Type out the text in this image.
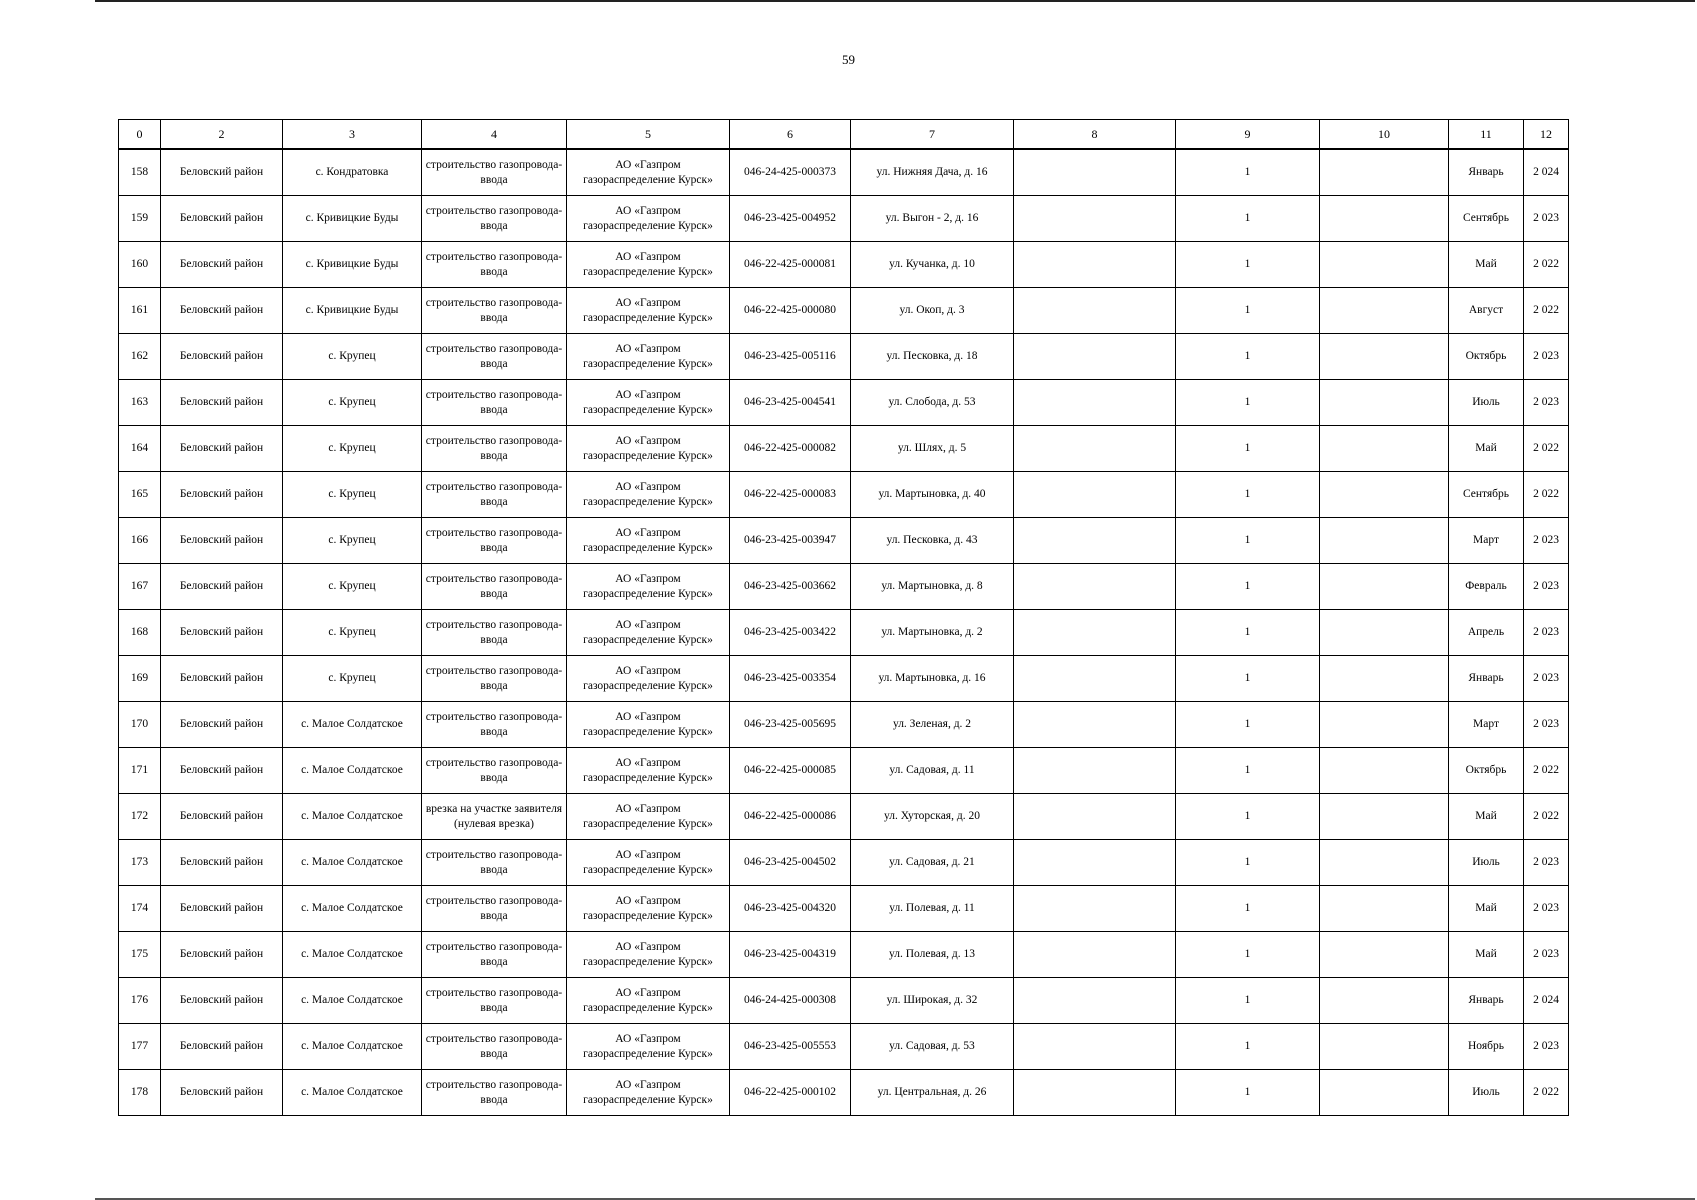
59
0	2	3	4	5	6	7	8	9	10	11	12
158	Беловский район	с. Кондратовка	строительство газопровода-ввода	АО «Газпром газораспределение Курск»	046-24-425-000373	ул. Нижняя Дача, д. 16		1		Январь	2 024
159	Беловский район	с. Кривицкие Буды	строительство газопровода-ввода	АО «Газпром газораспределение Курск»	046-23-425-004952	ул. Выгон - 2, д. 16		1		Сентябрь	2 023
160	Беловский район	с. Кривицкие Буды	строительство газопровода-ввода	АО «Газпром газораспределение Курск»	046-22-425-000081	ул. Кучанка, д. 10		1		Май	2 022
161	Беловский район	с. Кривицкие Буды	строительство газопровода-ввода	АО «Газпром газораспределение Курск»	046-22-425-000080	ул. Окоп, д. 3		1		Август	2 022
162	Беловский район	с. Крупец	строительство газопровода-ввода	АО «Газпром газораспределение Курск»	046-23-425-005116	ул. Песковка, д. 18		1		Октябрь	2 023
163	Беловский район	с. Крупец	строительство газопровода-ввода	АО «Газпром газораспределение Курск»	046-23-425-004541	ул. Слобода, д. 53		1		Июль	2 023
164	Беловский район	с. Крупец	строительство газопровода-ввода	АО «Газпром газораспределение Курск»	046-22-425-000082	ул. Шлях, д. 5		1		Май	2 022
165	Беловский район	с. Крупец	строительство газопровода-ввода	АО «Газпром газораспределение Курск»	046-22-425-000083	ул. Мартыновка, д. 40		1		Сентябрь	2 022
166	Беловский район	с. Крупец	строительство газопровода-ввода	АО «Газпром газораспределение Курск»	046-23-425-003947	ул. Песковка, д. 43		1		Март	2 023
167	Беловский район	с. Крупец	строительство газопровода-ввода	АО «Газпром газораспределение Курск»	046-23-425-003662	ул. Мартыновка, д. 8		1		Февраль	2 023
168	Беловский район	с. Крупец	строительство газопровода-ввода	АО «Газпром газораспределение Курск»	046-23-425-003422	ул. Мартыновка, д. 2		1		Апрель	2 023
169	Беловский район	с. Крупец	строительство газопровода-ввода	АО «Газпром газораспределение Курск»	046-23-425-003354	ул. Мартыновка, д. 16		1		Январь	2 023
170	Беловский район	с. Малое Солдатское	строительство газопровода-ввода	АО «Газпром газораспределение Курск»	046-23-425-005695	ул. Зеленая, д. 2		1		Март	2 023
171	Беловский район	с. Малое Солдатское	строительство газопровода-ввода	АО «Газпром газораспределение Курск»	046-22-425-000085	ул. Садовая, д. 11		1		Октябрь	2 022
172	Беловский район	с. Малое Солдатское	врезка на участке заявителя (нулевая врезка)	АО «Газпром газораспределение Курск»	046-22-425-000086	ул. Хуторская, д. 20		1		Май	2 022
173	Беловский район	с. Малое Солдатское	строительство газопровода-ввода	АО «Газпром газораспределение Курск»	046-23-425-004502	ул. Садовая, д. 21		1		Июль	2 023
174	Беловский район	с. Малое Солдатское	строительство газопровода-ввода	АО «Газпром газораспределение Курск»	046-23-425-004320	ул. Полевая, д. 11		1		Май	2 023
175	Беловский район	с. Малое Солдатское	строительство газопровода-ввода	АО «Газпром газораспределение Курск»	046-23-425-004319	ул. Полевая, д. 13		1		Май	2 023
176	Беловский район	с. Малое Солдатское	строительство газопровода-ввода	АО «Газпром газораспределение Курск»	046-24-425-000308	ул. Широкая, д. 32		1		Январь	2 024
177	Беловский район	с. Малое Солдатское	строительство газопровода-ввода	АО «Газпром газораспределение Курск»	046-23-425-005553	ул. Садовая, д. 53		1		Ноябрь	2 023
178	Беловский район	с. Малое Солдатское	строительство газопровода-ввода	АО «Газпром газораспределение Курск»	046-22-425-000102	ул. Центральная, д. 26		1		Июль	2 022
